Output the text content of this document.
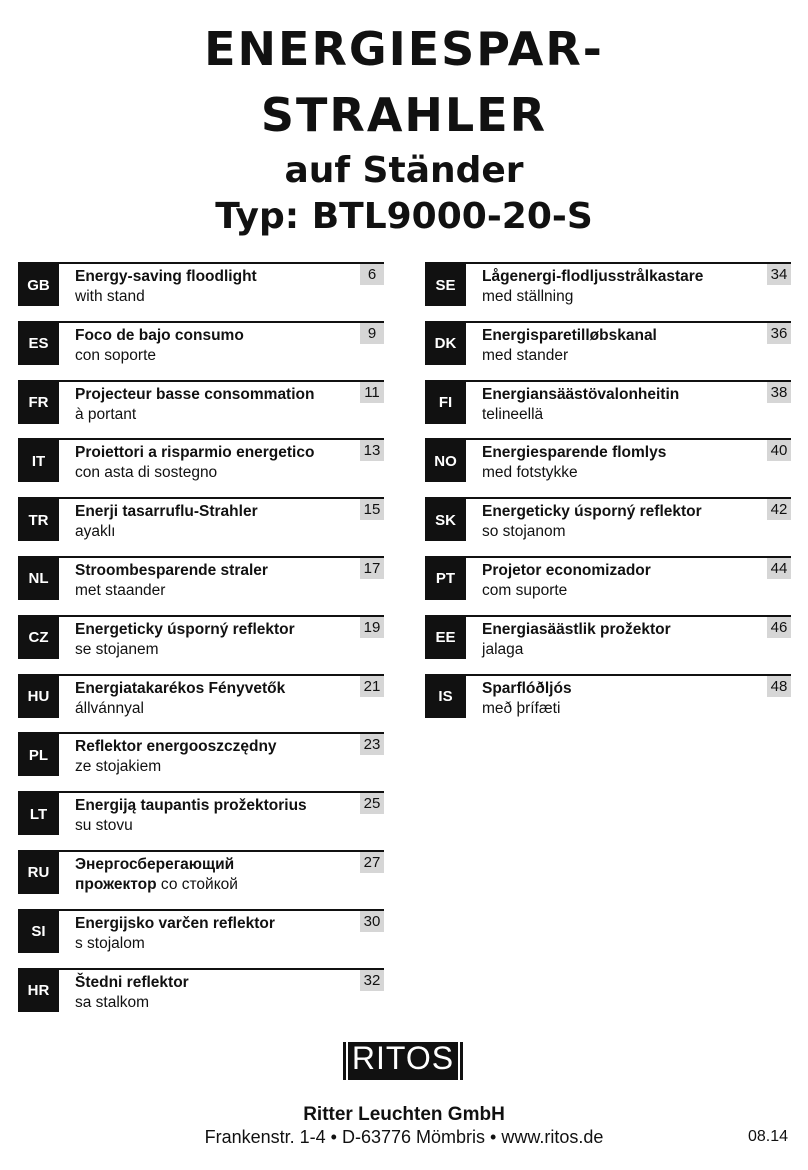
ENERGIESPAR-
STRAHLER
auf Ständer
Typ: BTL9000-20-S
GB	Energy-saving floodlight
with stand
6
ES	Foco de bajo consumo
con soporte
9
FR	Projecteur basse consommation
à portant
11
IT	Proiettori a risparmio energetico
con asta di sostegno
13
TR	Enerji tasarruflu-Strahler
ayaklı
15
NL	Stroombesparende straler
met staander
17
CZ	Energeticky úsporný reflektor
se stojanem
19
HU	Energiatakarékos Fényvetők
állvánnyal
21
PL	Reflektor energooszczędny
ze stojakiem
23
LT	Energiją taupantis prožektorius
su stovu
25
RU	Энергосберегающий
прожектор со стойкой
27
SI	Energijsko varčen reflektor
s stojalom
30
HR	Štedni reflektor
sa stalkom
32
SE	Lågenergi-flodljusstrålkastare
med ställning
34
DK	Energisparetilløbskanal
med stander
36
FI	Energiansäästövalonheitin
telineellä
38
NO	Energiesparende flomlys
med fotstykke
40
SK	Energeticky úsporný reflektor
so stojanom
42
PT	Projetor economizador
com suporte
44
EE	Energiasäästlik prožektor
jalaga
46
IS	Sparflóðljós
með þrífæti
48
RITOS
Ritter Leuchten GmbH
Frankenstr. 1-4 • D-63776 Mömbris • www.ritos.de	08.14
